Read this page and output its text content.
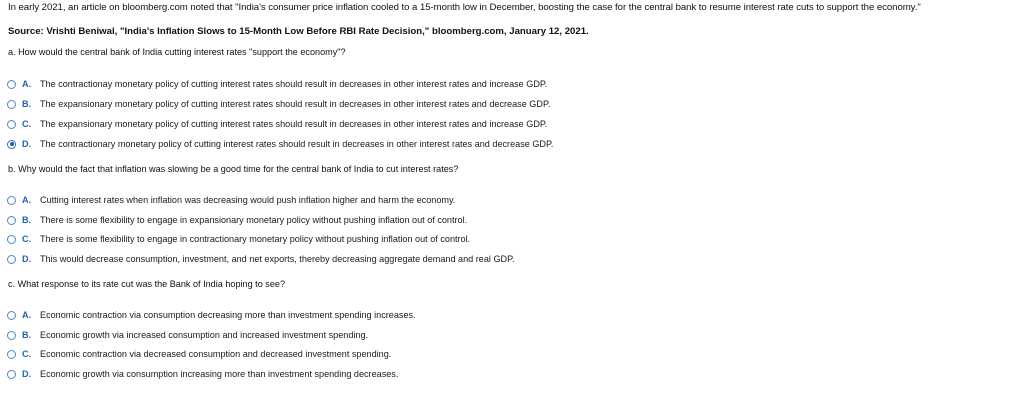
In early 2021, an article on bloomberg.com noted that "India's consumer price inflation cooled to a 15-month low in December, boosting the case for the central bank to resume interest rate cuts to support the economy."
Source: Vrishti Beniwal, "India's Inflation Slows to 15-Month Low Before RBI Rate Decision," bloomberg.com, January 12, 2021.
a. How would the central bank of India cutting interest rates "support the economy"?
A. The contractionay monetary policy of cutting interest rates should result in decreases in other interest rates and increase GDP.
B. The expansionary monetary policy of cutting interest rates should result in decreases in other interest rates and decrease GDP.
C. The expansionary monetary policy of cutting interest rates should result in decreases in other interest rates and increase GDP.
D. The contractionary monetary policy of cutting interest rates should result in decreases in other interest rates and decrease GDP.
b. Why would the fact that inflation was slowing be a good time for the central bank of India to cut interest rates?
A. Cutting interest rates when inflation was decreasing would push inflation higher and harm the economy.
B. There is some flexibility to engage in expansionary monetary policy without pushing inflation out of control.
C. There is some flexibility to engage in contractionary monetary policy without pushing inflation out of control.
D. This would decrease consumption, investment, and net exports, thereby decreasing aggregate demand and real GDP.
c. What response to its rate cut was the Bank of India hoping to see?
A. Economic contraction via consumption decreasing more than investment spending increases.
B. Economic growth via increased consumption and increased investment spending.
C. Economic contraction via decreased consumption and decreased investment spending.
D. Economic growth via consumption increasing more than investment spending decreases.
